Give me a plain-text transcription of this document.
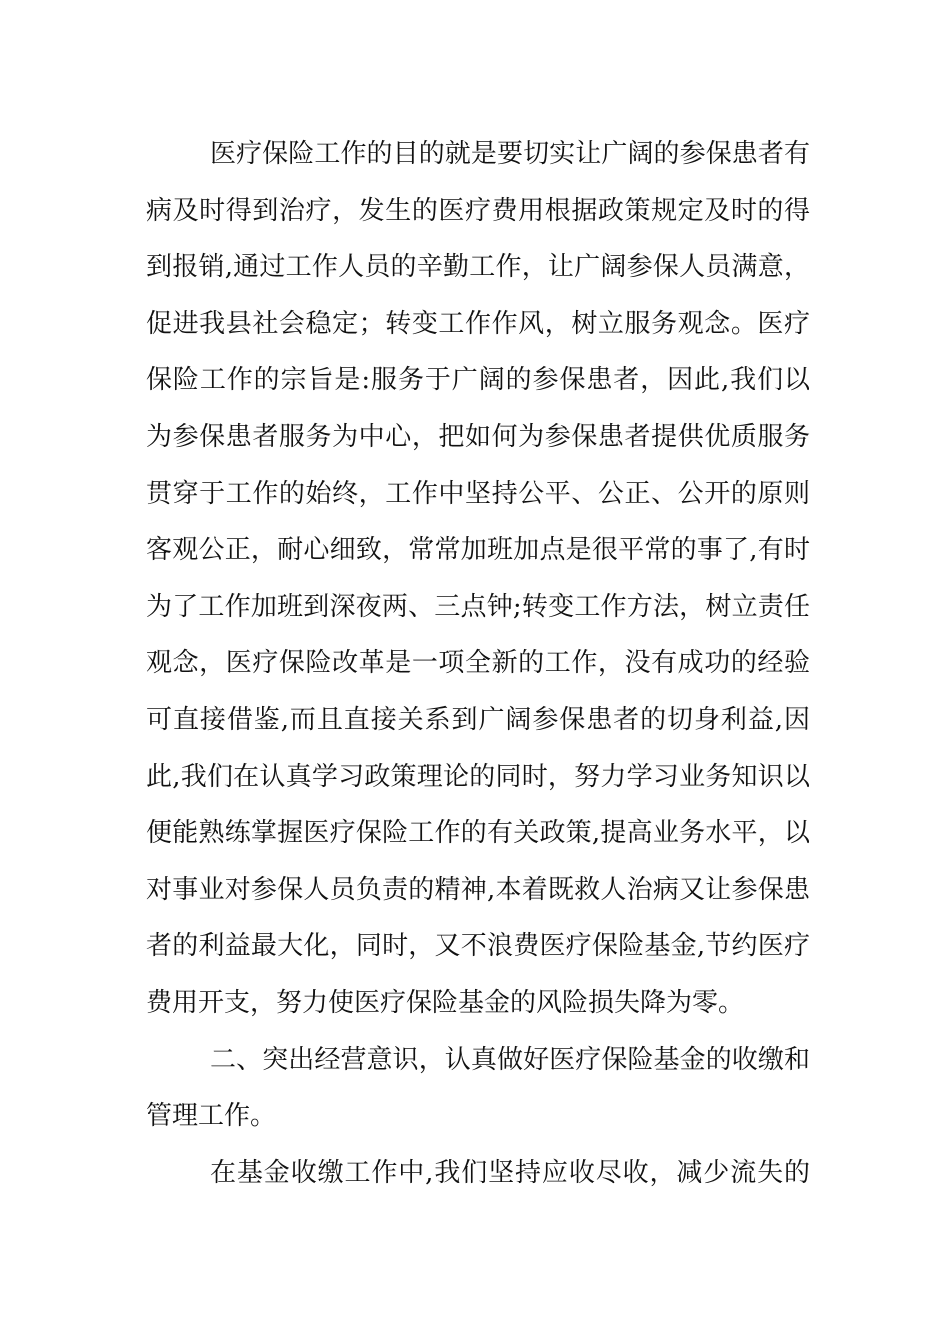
医疗保险工作的目的就是要切实让广阔的参保患者有
病及时得到治疗，发生的医疗费用根据政策规定及时的得
到报销,通过工作人员的辛勤工作，让广阔参保人员满意，
促进我县社会稳定；转变工作作风，树立服务观念。医疗
保险工作的宗旨是:服务于广阔的参保患者，因此,我们以
为参保患者服务为中心，把如何为参保患者提供优质服务
贯穿于工作的始终，工作中坚持公平、公正、公开的原则
客观公正，耐心细致，常常加班加点是很平常的事了,有时
为了工作加班到深夜两、三点钟;转变工作方法，树立责任
观念，医疗保险改革是一项全新的工作，没有成功的经验
可直接借鉴,而且直接关系到广阔参保患者的切身利益,因
此,我们在认真学习政策理论的同时，努力学习业务知识以
便能熟练掌握医疗保险工作的有关政策,提高业务水平，以
对事业对参保人员负责的精神,本着既救人治病又让参保患
者的利益最大化，同时，又不浪费医疗保险基金,节约医疗
费用开支，努力使医疗保险基金的风险损失降为零。
二、突出经营意识，认真做好医疗保险基金的收缴和
管理工作。
在基金收缴工作中,我们坚持应收尽收，减少流失的
